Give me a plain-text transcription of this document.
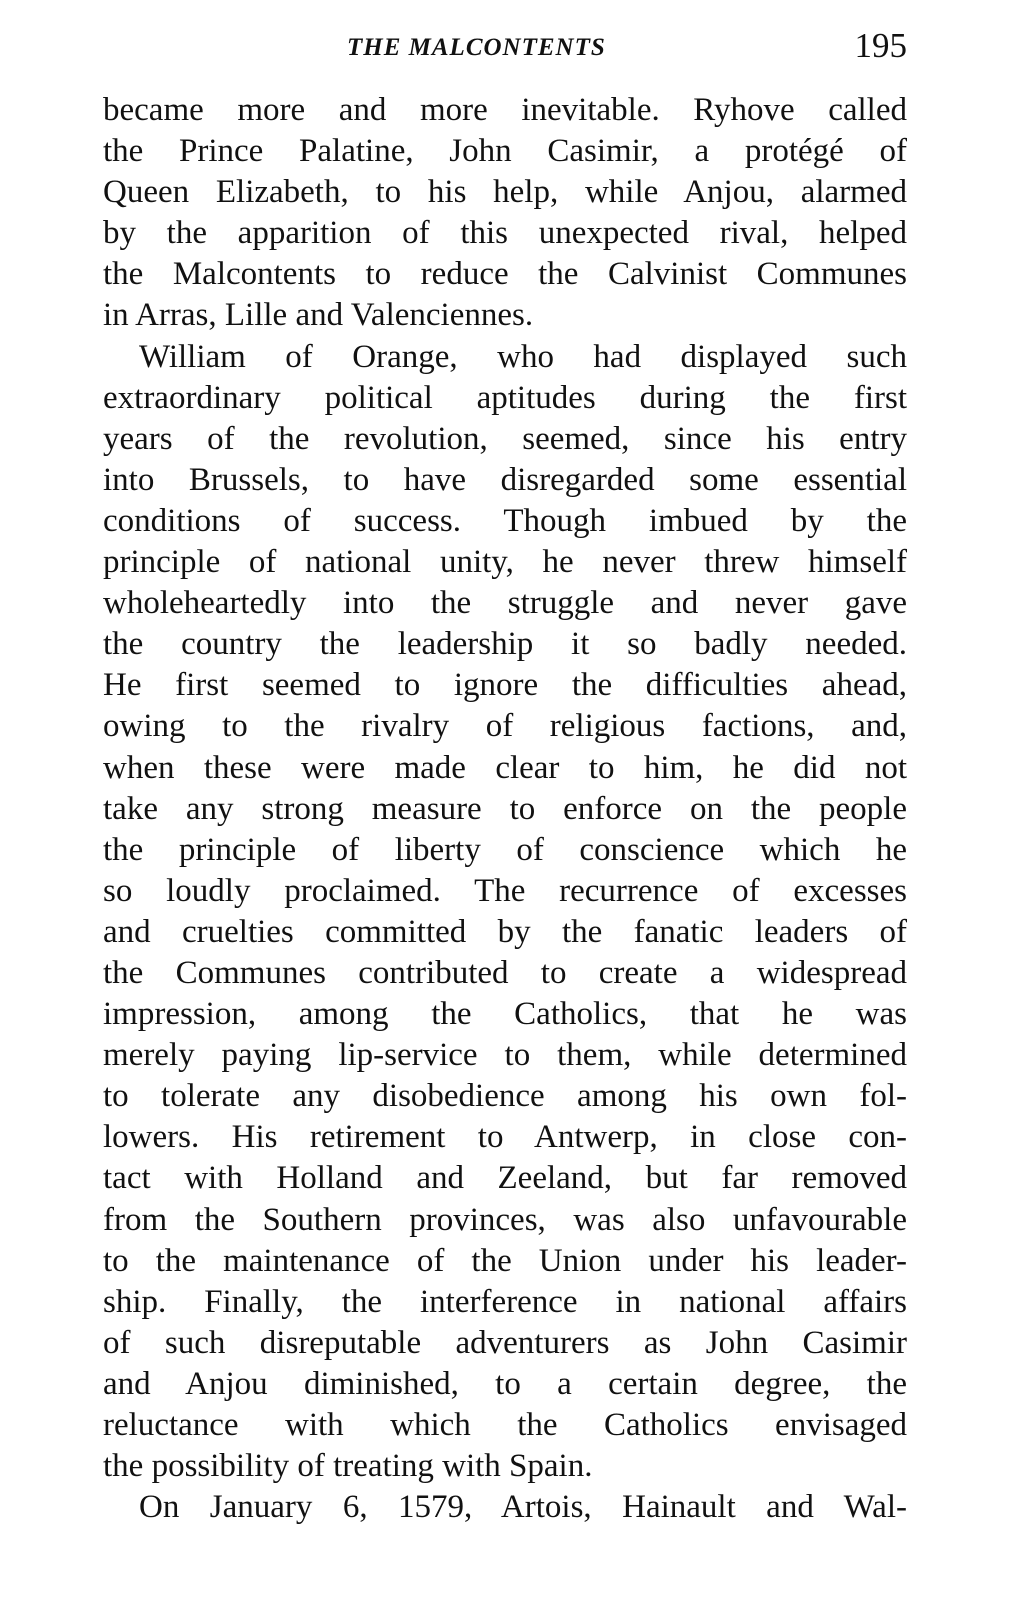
THE MALCONTENTS	195
became more and more inevitable. Ryhove called
the Prince Palatine, John Casimir, a protégé of
Queen Elizabeth, to his help, while Anjou, alarmed
by the apparition of this unexpected rival, helped
the Malcontents to reduce the Calvinist Communes
in Arras, Lille and Valenciennes.
William of Orange, who had displayed such
extraordinary political aptitudes during the first
years of the revolution, seemed, since his entry
into Brussels, to have disregarded some essential
conditions of success. Though imbued by the
principle of national unity, he never threw himself
wholeheartedly into the struggle and never gave
the country the leadership it so badly needed.
He first seemed to ignore the difficulties ahead,
owing to the rivalry of religious factions, and,
when these were made clear to him, he did not
take any strong measure to enforce on the people
the principle of liberty of conscience which he
so loudly proclaimed. The recurrence of excesses
and cruelties committed by the fanatic leaders of
the Communes contributed to create a widespread
impression, among the Catholics, that he was
merely paying lip-service to them, while determined
to tolerate any disobedience among his own fol-
lowers. His retirement to Antwerp, in close con-
tact with Holland and Zeeland, but far removed
from the Southern provinces, was also unfavourable
to the maintenance of the Union under his leader-
ship. Finally, the interference in national affairs
of such disreputable adventurers as John Casimir
and Anjou diminished, to a certain degree, the
reluctance with which the Catholics envisaged
the possibility of treating with Spain.
On January 6, 1579, Artois, Hainault and Wal-
